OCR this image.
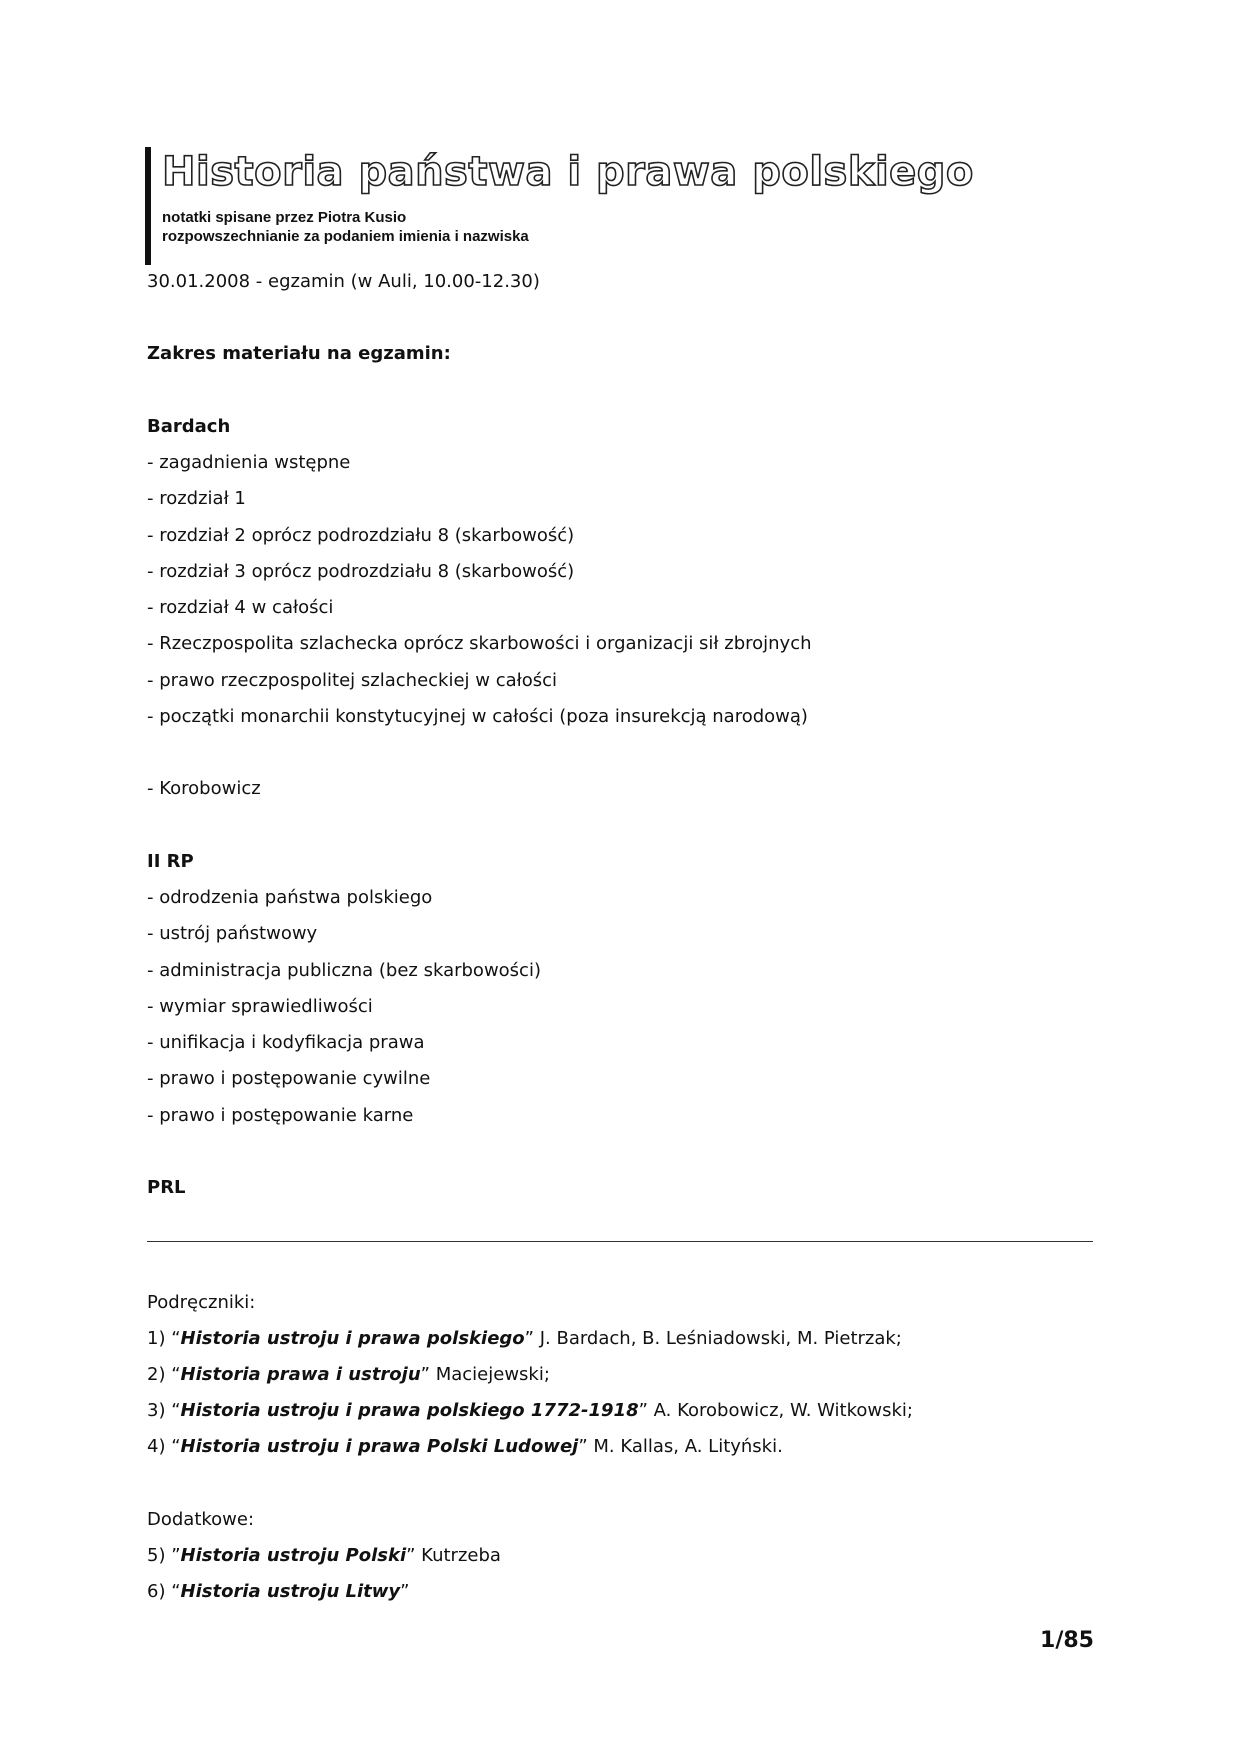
Historia państwa i prawa polskiego
notatki spisane przez Piotra Kusio
rozpowszechnianie za podaniem imienia i nazwiska
30.01.2008 - egzamin (w Auli, 10.00-12.30)
Zakres materiału na egzamin:
Bardach
- zagadnienia wstępne
- rozdział 1
- rozdział 2 oprócz podrozdziału 8 (skarbowość)
- rozdział 3 oprócz podrozdziału 8 (skarbowość)
- rozdział 4 w całości
- Rzeczpospolita szlachecka oprócz skarbowości i organizacji sił zbrojnych
- prawo rzeczpospolitej szlacheckiej w całości
- początki monarchii konstytucyjnej w całości (poza insurekcją narodową)
- Korobowicz
II RP
- odrodzenia państwa polskiego
- ustrój państwowy
- administracja publiczna (bez skarbowości)
- wymiar sprawiedliwości
- unifikacja i kodyfikacja prawa
- prawo i postępowanie cywilne
- prawo i postępowanie karne
PRL
Podręczniki:
1) “Historia ustroju i prawa polskiego” J. Bardach, B. Leśniadowski, M. Pietrzak;
2) “Historia prawa i ustroju” Maciejewski;
3) “Historia ustroju i prawa polskiego 1772-1918” A. Korobowicz, W. Witkowski;
4) “Historia ustroju i prawa Polski Ludowej” M. Kallas, A. Lityński.
Dodatkowe:
5) ”Historia ustroju Polski” Kutrzeba
6) “Historia ustroju Litwy”
1/85
